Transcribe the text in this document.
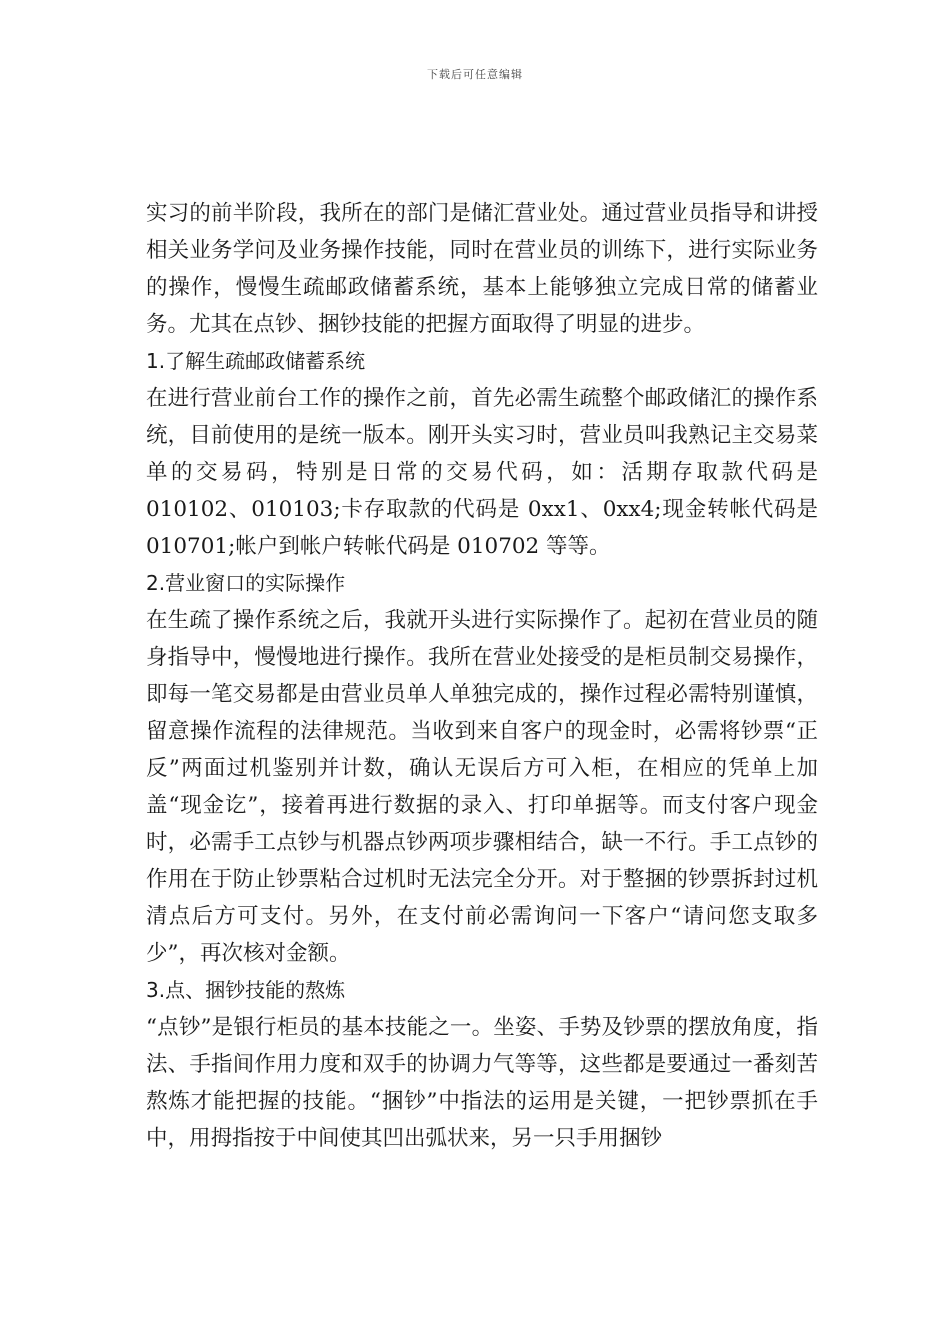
下载后可任意编辑

实习的前半阶段，我所在的部门是储汇营业处。通过营业员指导和讲授相关业务学问及业务操作技能，同时在营业员的训练下，进行实际业务的操作，慢慢生疏邮政储蓄系统，基本上能够独立完成日常的储蓄业务。尤其在点钞、捆钞技能的把握方面取得了明显的进步。

1.了解生疏邮政储蓄系统

在进行营业前台工作的操作之前，首先必需生疏整个邮政储汇的操作系统，目前使用的是统一版本。刚开头实习时，营业员叫我熟记主交易菜单的交易码，特别是日常的交易代码，如：活期存取款代码是 010102、010103;卡存取款的代码是 0xx1、0xx4;现金转帐代码是 010701;帐户到帐户转帐代码是 010702 等等。

2.营业窗口的实际操作

在生疏了操作系统之后，我就开头进行实际操作了。起初在营业员的随身指导中，慢慢地进行操作。我所在营业处接受的是柜员制交易操作，即每一笔交易都是由营业员单人单独完成的，操作过程必需特别谨慎，留意操作流程的法律规范。当收到来自客户的现金时，必需将钞票“正反”两面过机鉴别并计数，确认无误后方可入柜，在相应的凭单上加盖“现金讫”，接着再进行数据的录入、打印单据等。而支付客户现金时，必需手工点钞与机器点钞两项步骤相结合，缺一不行。手工点钞的作用在于防止钞票粘合过机时无法完全分开。对于整捆的钞票拆封过机清点后方可支付。另外，在支付前必需询问一下客户“请问您支取多少”，再次核对金额。

3.点、捆钞技能的熬炼

“点钞”是银行柜员的基本技能之一。坐姿、手势及钞票的摆放角度，指法、手指间作用力度和双手的协调力气等等，这些都是要通过一番刻苦熬炼才能把握的技能。“捆钞”中指法的运用是关键，一把钞票抓在手中，用拇指按于中间使其凹出弧状来，另一只手用捆钞
